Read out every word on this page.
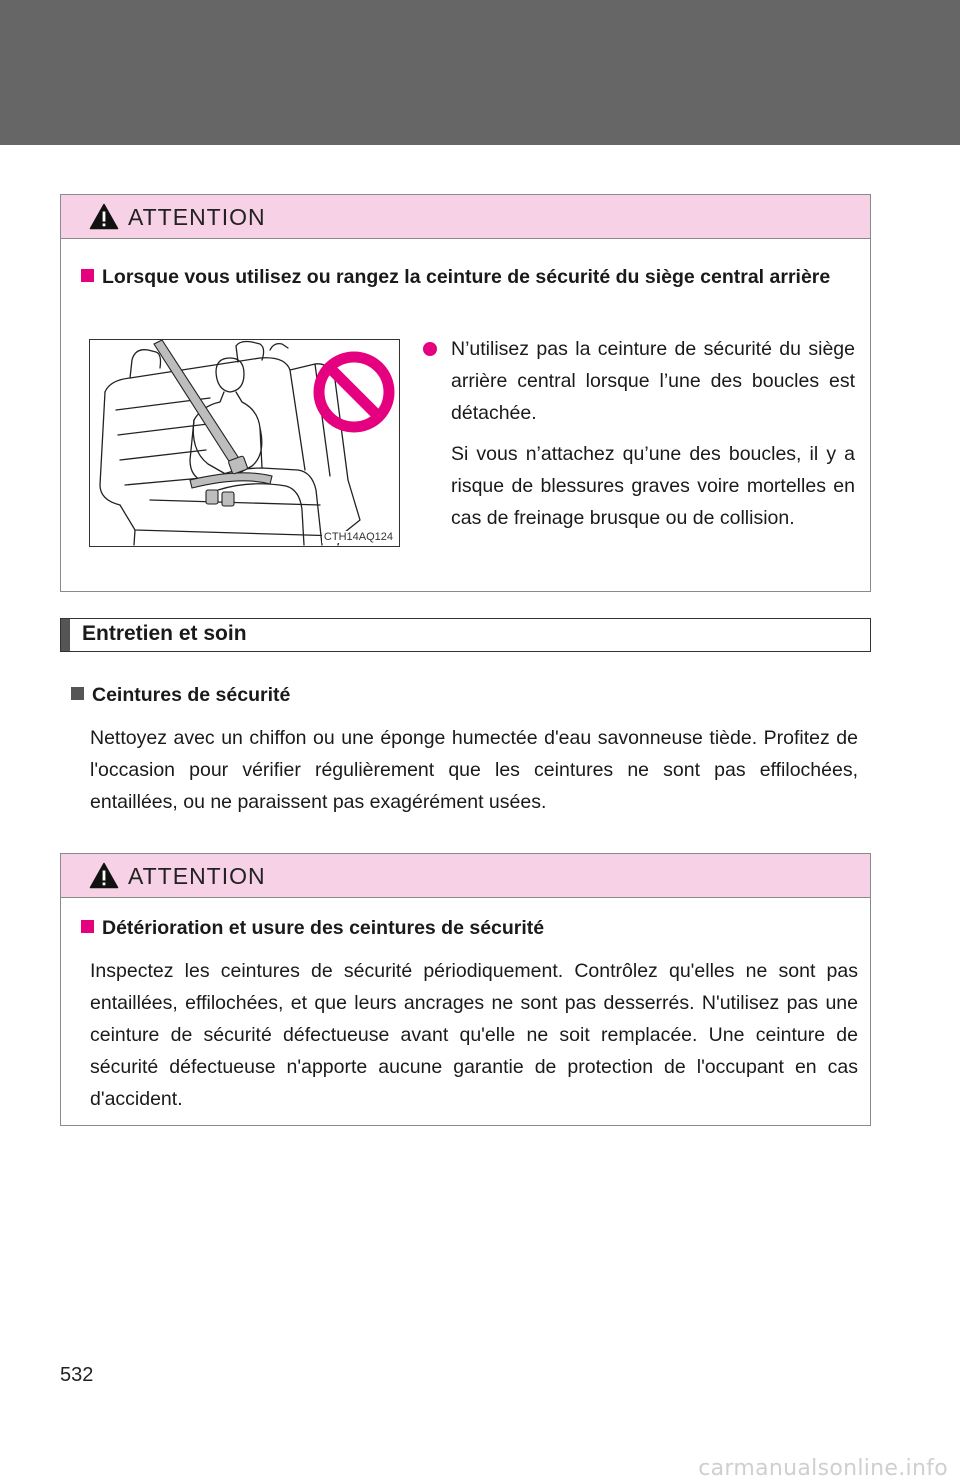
ATTENTION
Lorsque vous utilisez ou rangez la ceinture de sécurité du siège central arrière
CTH14AQ124
N’utilisez pas la ceinture de sécurité du siège arrière central lorsque l’une des boucles est détachée.
Si vous n’attachez qu’une des boucles, il y a risque de blessures graves voire mortelles en cas de freinage brusque ou de collision.
Entretien et soin
Ceintures de sécurité
Nettoyez avec un chiffon ou une éponge humectée d'eau savonneuse tiède. Profitez de l'occasion pour vérifier régulièrement que les ceintures ne sont pas effilochées, entaillées, ou ne paraissent pas exagérément usées.
ATTENTION
Détérioration et usure des ceintures de sécurité
Inspectez les ceintures de sécurité périodiquement. Contrôlez qu'elles ne sont pas entaillées, effilochées, et que leurs ancrages ne sont pas desserrés. N'utilisez pas une ceinture de sécurité défectueuse avant qu'elle ne soit remplacée. Une ceinture de sécurité défectueuse n'apporte aucune garantie de protection de l'occupant en cas d'accident.
532
carmanualsonline.info
